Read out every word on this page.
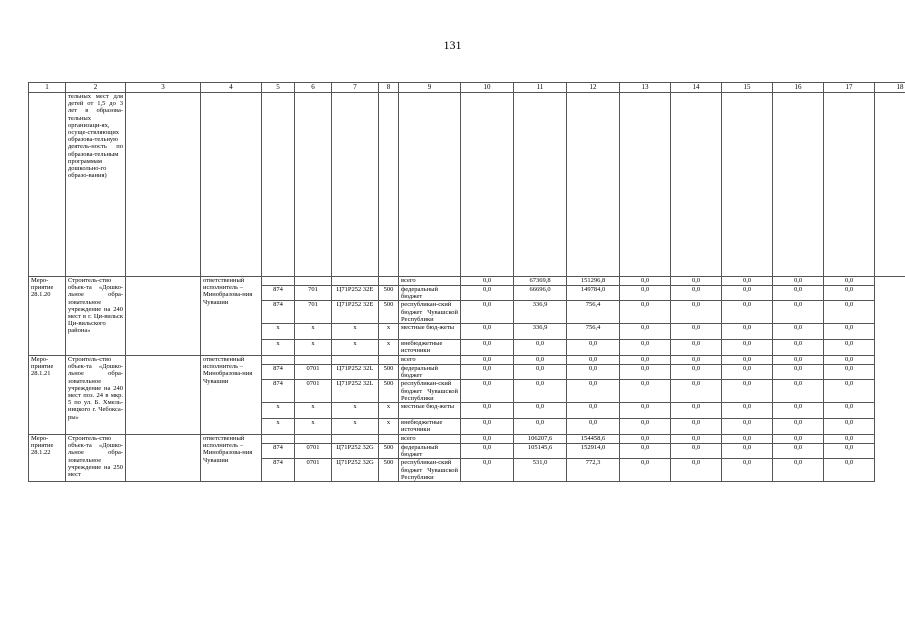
131
1	2	3	4	5	6	7	8	9	10	11	12	13	14	15	16	17	18
	тельных мест для детей от 1,5 до 3 лет в образова-тельных организаци-ях, осуще-ствляющих образова-тельную деятель-ность по образова-тельным программам дошкольно-го образо-вания)																
Меро-приятие 28.1.20	Строитель-ство объек-та «Дошко-льное обра-зовательное учреждение на 240 мест в г. Ци-вильск Ци-вильского района»		ответственный исполнитель – Минобразова-ния Чувашии					всего	0,0	67369,8	151296,8	0,0	0,0	0,0	0,0	0,0	
				874	701	Ц71Р252 32Е	500	федеральный бюджет	0,0	66696,0	149784,0	0,0	0,0	0,0	0,0	0,0	
				874	701	Ц71Р252 32Е	500	республикан-ский бюджет Чувашской Республики	0,0	336,9	756,4	0,0	0,0	0,0	0,0	0,0	
				x	x	x	x	местные бюд-жеты	0,0	336,9	756,4	0,0	0,0	0,0	0,0	0,0	
				x	x	x	x	внебюджетные источники	0,0	0,0	0,0	0,0	0,0	0,0	0,0	0,0	
Меро-приятие 28.1.21	Строитель-ство объек-та «Дошко-льное обра-зовательное учреждение на 240 мест поз. 24 в мкр. 5 по ул. Б. Хмель-ницкого г. Чебокса-ры»		ответственный исполнитель – Минобразова-ния Чувашии					всего	0,0	0,0	0,0	0,0	0,0	0,0	0,0	0,0	
				874	0701	Ц71Р252 32L	500	федеральный бюджет	0,0	0,0	0,0	0,0	0,0	0,0	0,0	0,0	
				874	0701	Ц71Р252 32L	500	республикан-ский бюджет Чувашской Республики	0,0	0,0	0,0	0,0	0,0	0,0	0,0	0,0	
				x	x	x	x	местные бюд-жеты	0,0	0,0	0,0	0,0	0,0	0,0	0,0	0,0	
				x	x	x	x	внебюджетные источники	0,0	0,0	0,0	0,0	0,0	0,0	0,0	0,0	
Меро-приятие 28.1.22	Строитель-ство объек-та «Дошко-льное обра-зовательное учреждение на 250 мест		ответственный исполнитель – Минобразова-ния Чувашии					всего	0,0	106207,6	154458,6	0,0	0,0	0,0	0,0	0,0	
				874	0701	Ц71Р252 32G	500	федеральный бюджет	0,0	105145,6	152914,0	0,0	0,0	0,0	0,0	0,0	
				874	0701	Ц71Р252 32G	500	республикан-ский бюджет Чувашской Республики	0,0	531,0	772,3	0,0	0,0	0,0	0,0	0,0	
